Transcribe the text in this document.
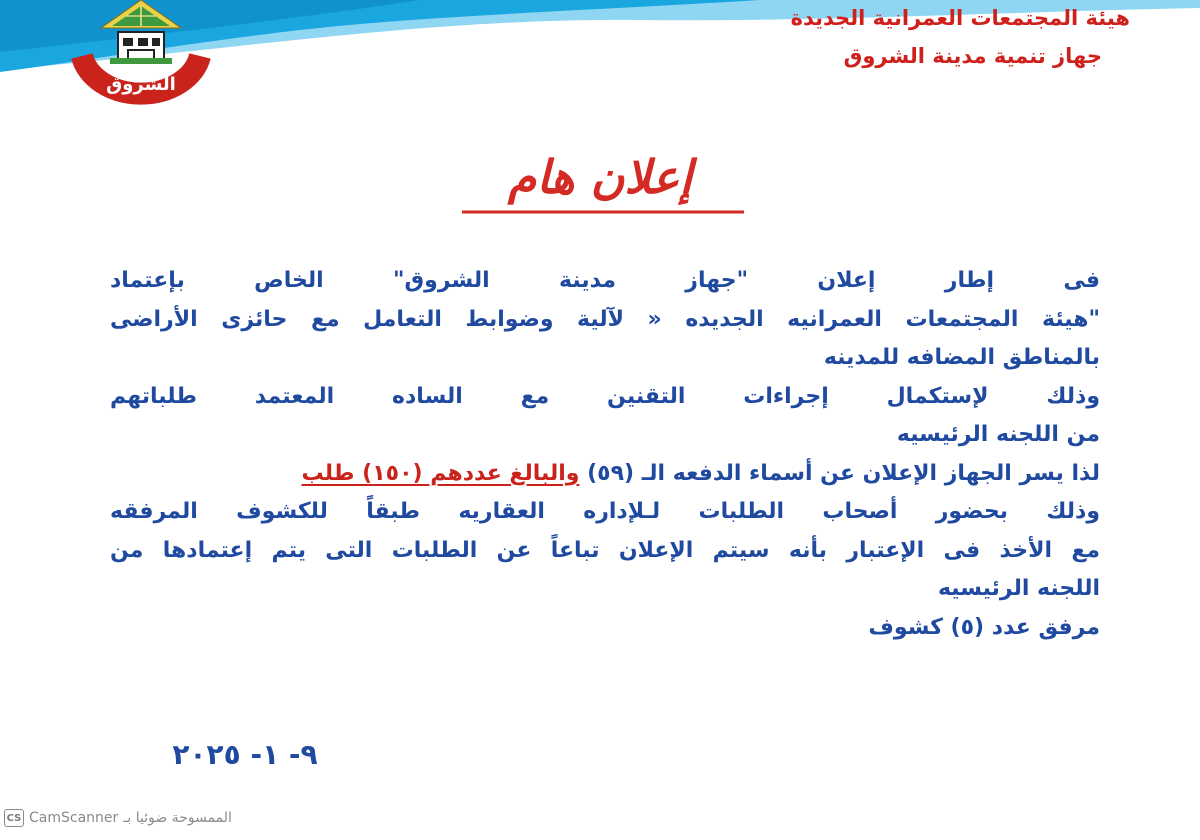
الشروق
هيئة المجتمعات العمرانية الجديدة
جهاز تنمية مدينة الشروق
إعلان هام
فى إطار إعلان "جهاز مدينة الشروق" الخاص بإعتماد
"هيئة المجتمعات العمرانيه الجديده « لآلية وضوابط التعامل مع حائزى الأراضى
بالمناطق المضافه للمدينه
وذلك لإستكمال إجراءات التقنين مع الساده المعتمد طلباتهم
من اللجنه الرئيسيه
لذا يسر الجهاز الإعلان عن أسماء الدفعه الـ (٥٩) والبالغ عددهم (١٥٠) طلب
وذلك بحضور أصحاب الطلبات لـلإداره العقاريه طبقاً للكشوف المرفقه
مع الأخذ فى الإعتبار بأنه سيتم الإعلان تباعاً عن الطلبات التى يتم إعتمادها من
اللجنه الرئيسيه
مرفق عدد (٥) كشوف
٩- ١- ٢٠٢٥
CS CamScanner الممسوحة ضوئيا بـ
